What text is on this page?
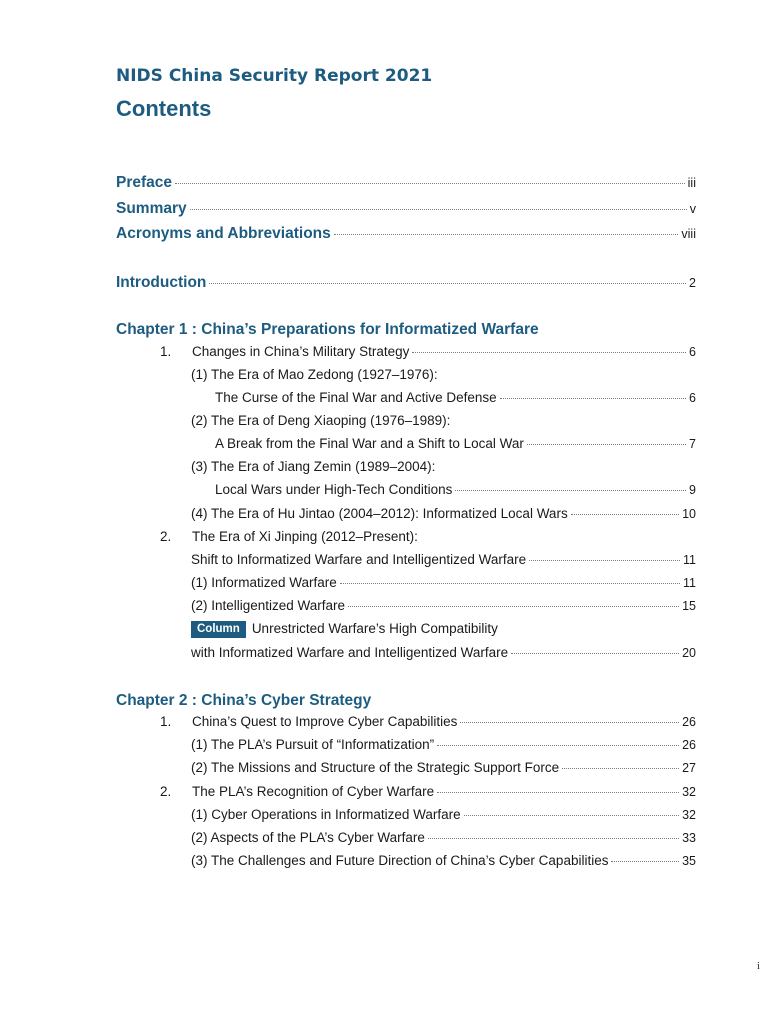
NIDS China Security Report 2021
Contents
Preface	iii
Summary	v
Acronyms and Abbreviations	viii
Introduction	2
Chapter 1 : China’s Preparations for Informatized Warfare
1.	Changes in China’s Military Strategy	6
(1) The Era of Mao Zedong (1927–1976):
The Curse of the Final War and Active Defense	6
(2) The Era of Deng Xiaoping (1976–1989):
A Break from the Final War and a Shift to Local War	7
(3) The Era of Jiang Zemin (1989–2004):
Local Wars under High-Tech Conditions	9
(4) The Era of Hu Jintao (2004–2012): Informatized Local Wars	10
2. The Era of Xi Jinping (2012–Present):
Shift to Informatized Warfare and Intelligentized Warfare	11
(1) Informatized Warfare	11
(2) Intelligentized Warfare	15
Column Unrestricted Warfare’s High Compatibility
with Informatized Warfare and Intelligentized Warfare	20
Chapter 2 : China’s Cyber Strategy
1.	China’s Quest to Improve Cyber Capabilities	26
(1) The PLA’s Pursuit of “Informatization”	26
(2) The Missions and Structure of the Strategic Support Force	27
2.	The PLA’s Recognition of Cyber Warfare	32
(1) Cyber Operations in Informatized Warfare	32
(2) Aspects of the PLA’s Cyber Warfare	33
(3) The Challenges and Future Direction of China’s Cyber Capabilities	35
i
